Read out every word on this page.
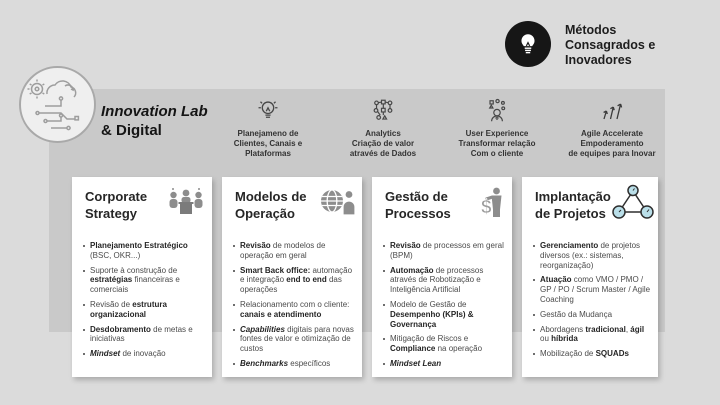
Métodos
Consagrados e
Inovadores
Innovation Lab
& Digital	Planejameno de
Clientes, Canais e
Plataformas
Analytics
Criação de valor
através de Dados
User Experience
Transformar relação
Com o cliente
Agile Accelerate
Empoderamento
de equipes para Inovar
Corporate
Strategy
Planejamento Estratégico (BSC, OKR...)
Suporte à construção de estratégias financeiras e comerciais
Revisão de estrutura organizacional
Desdobramento de metas e iniciativas
Mindset de inovação
Modelos de
Operação
Revisão de modelos de operação em geral
Smart Back office: automação e integração end to end das operações
Relacionamento com o cliente: canais e atendimento
Capabilities digitais para novas fontes de valor e otimização de custos
Benchmarks específicos
Gestão de
Processos	$
Revisão de processos em geral (BPM)
Automação de processos através de Robotização e Inteligência Artificial
Modelo de Gestão de Desempenho (KPIs) & Governança
Mitigação de Riscos e Compliance na operação
Mindset Lean
Implantação
de Projetos
Gerenciamento de projetos diversos (ex.: sistemas, reorganização)
Atuação como VMO / PMO / GP / PO / Scrum Master / Agile Coaching
Gestão da Mudança
Abordagens tradicional, ágil ou híbrida
Mobilização de SQUADs
